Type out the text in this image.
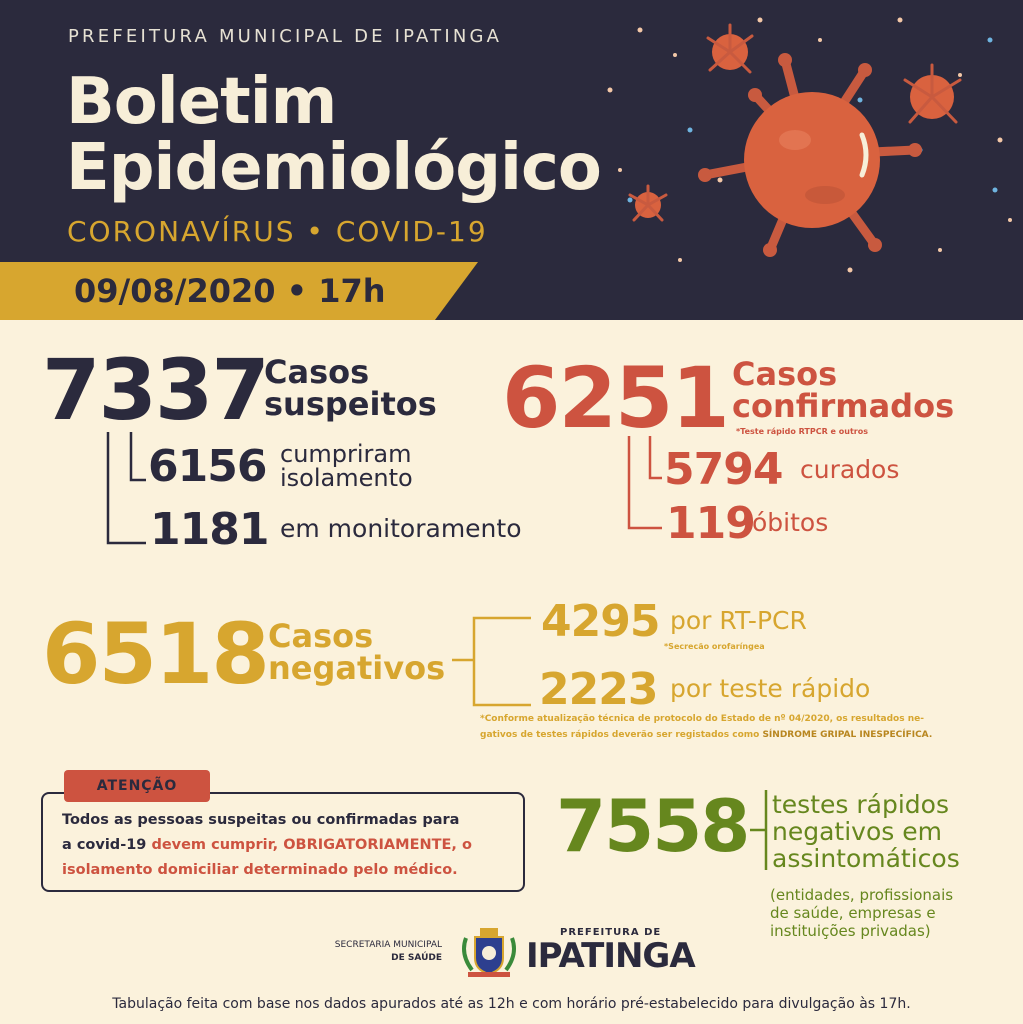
PREFEITURA MUNICIPAL DE IPATINGA
Boletim
Epidemiológico
CORONAVÍRUS • COVID-19
09/08/2020 • 17h
7337
Casos
suspeitos
6156 cumpriram
isolamento
1181 em monitoramento
6251 Casos
confirmados
*Teste rápido RTPCR e outros
5794 curados
119
óbitos
6518 Casos
negativos
4295 por RT-PCR
*Secrecão orofaríngea
2223 por teste rápido
*Conforme atualização técnica de protocolo do Estado de nº 04/2020, os resultados ne-
gativos de testes rápidos deverão ser registados como SÍNDROME GRIPAL INESPECÍFICA.
ATENÇÃO
Todos as pessoas suspeitas ou confirmadas para
a covid-19 devem cumprir, OBRIGATORIAMENTE, o
isolamento domiciliar determinado pelo médico.
7558 testes rápidos
negativos em
assintomáticos
(entidades, profissionais
de saúde, empresas e
instituições privadas)
SECRETARIA MUNICIPAL
DE SAÚDE
PREFEITURA DE
IPATINGA
Tabulação feita com base nos dados apurados até as 12h e com horário pré-estabelecido para divulgação às 17h.
